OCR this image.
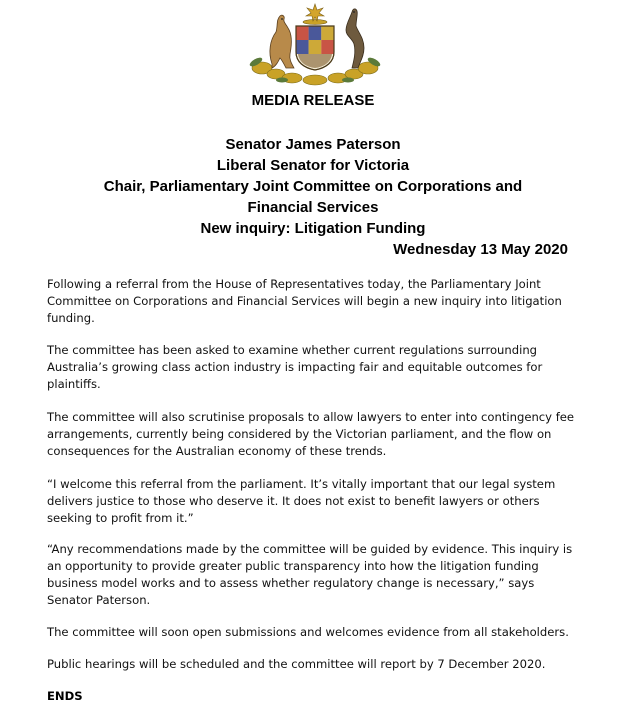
MEDIA RELEASE
Senator James Paterson
Liberal Senator for Victoria
Chair, Parliamentary Joint Committee on Corporations and
Financial Services
New inquiry: Litigation Funding
Wednesday 13 May 2020

Following a referral from the House of Representatives today, the Parliamentary Joint Committee on Corporations and Financial Services will begin a new inquiry into litigation funding.

The committee has been asked to examine whether current regulations surrounding Australia’s growing class action industry is impacting fair and equitable outcomes for plaintiffs.

The committee will also scrutinise proposals to allow lawyers to enter into contingency fee arrangements, currently being considered by the Victorian parliament, and the flow on consequences for the Australian economy of these trends.

“I welcome this referral from the parliament. It’s vitally important that our legal system delivers justice to those who deserve it. It does not exist to benefit lawyers or others seeking to profit from it.”

“Any recommendations made by the committee will be guided by evidence. This inquiry is an opportunity to provide greater public transparency into how the litigation funding business model works and to assess whether regulatory change is necessary,” says Senator Paterson.

The committee will soon open submissions and welcomes evidence from all stakeholders.

Public hearings will be scheduled and the committee will report by 7 December 2020.

ENDS
